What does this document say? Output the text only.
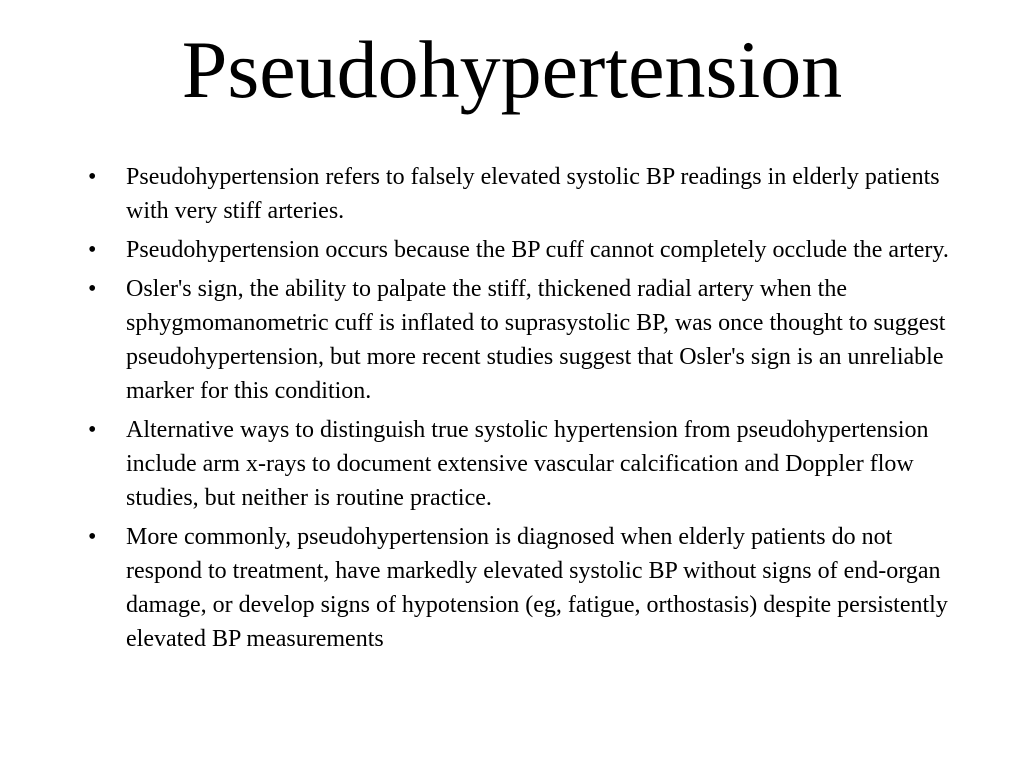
Pseudohypertension
• Pseudohypertension refers to falsely elevated systolic BP readings in elderly patients with very stiff arteries.
• Pseudohypertension occurs because the BP cuff cannot completely occlude the artery.
• Osler's sign, the ability to palpate the stiff, thickened radial artery when the sphygmomanometric cuff is inflated to suprasystolic BP, was once thought to suggest pseudohypertension, but more recent studies suggest that Osler's sign is an unreliable marker for this condition.
• Alternative ways to distinguish true systolic hypertension from pseudohypertension include arm x-rays to document extensive vascular calcification and Doppler flow studies, but neither is routine practice.
• More commonly, pseudohypertension is diagnosed when elderly patients do not respond to treatment, have markedly elevated systolic BP without signs of end-organ damage, or develop signs of hypotension (eg, fatigue, orthostasis) despite persistently elevated BP measurements
